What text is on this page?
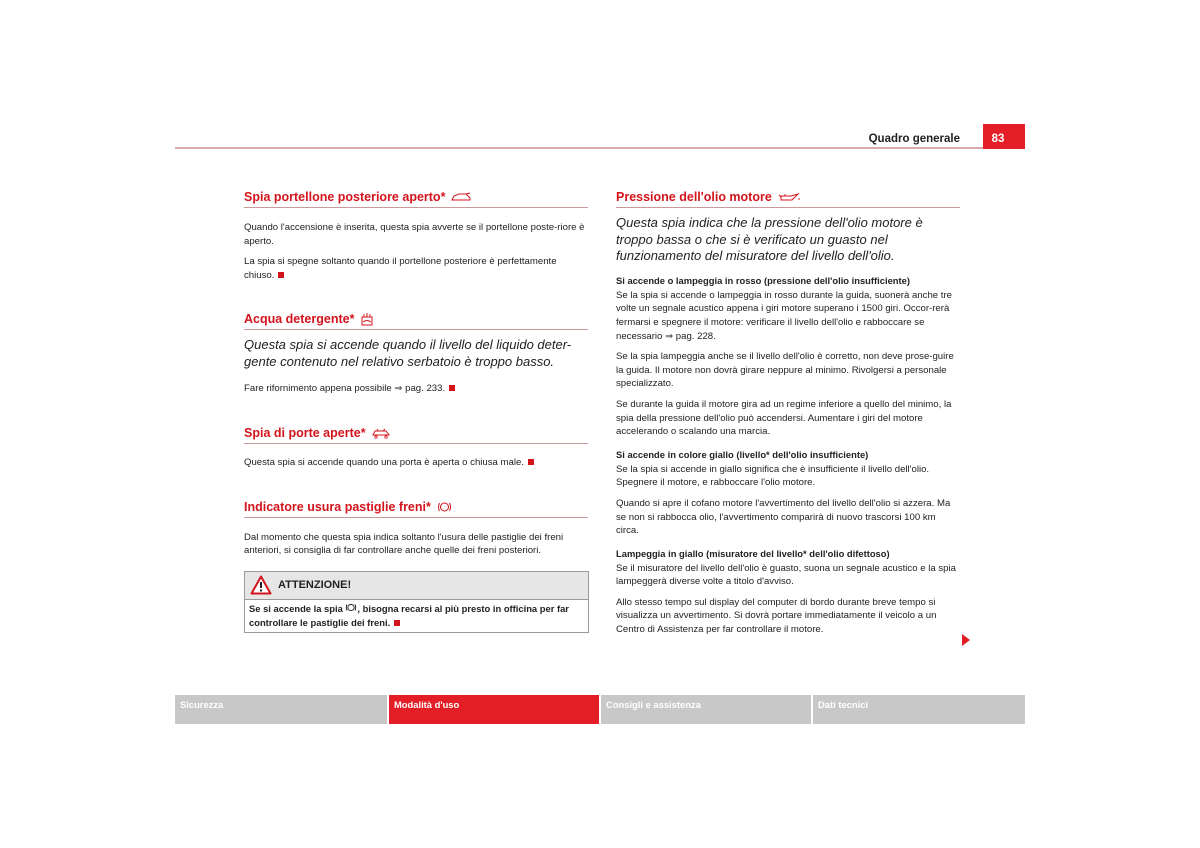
Quadro generale	83
Spia portellone posteriore aperto*

Quando l'accensione è inserita, questa spia avverte se il portellone poste-riore è aperto.

La spia si spegne soltanto quando il portellone posteriore è perfettamente chiuso.

Acqua detergente*

Questa spia si accende quando il livello del liquido deter-gente contenuto nel relativo serbatoio è troppo basso.

Fare rifornimento appena possibile ⇒ pag. 233.

Spia di porte aperte*

Questa spia si accende quando una porta è aperta o chiusa male.

Indicatore usura pastiglie freni*

Dal momento che questa spia indica soltanto l'usura delle pastiglie dei freni anteriori, si consiglia di far controllare anche quelle dei freni posteriori.

ATTENZIONE!
Se si accende la spia , bisogna recarsi al più presto in officina per far controllare le pastiglie dei freni.
Pressione dell'olio motore

Questa spia indica che la pressione dell'olio motore è troppo bassa o che si è verificato un guasto nel funzionamento del misuratore del livello dell'olio.

Si accende o lampeggia in rosso (pressione dell'olio insufficiente)

Se la spia si accende o lampeggia in rosso durante la guida, suonerà anche tre volte un segnale acustico appena i giri motore superano i 1500 giri. Occor-rerà fermarsi e spegnere il motore: verificare il livello dell'olio e rabboccare se necessario ⇒ pag. 228.

Se la spia lampeggia anche se il livello dell'olio è corretto, non deve prose-guire la guida. Il motore non dovrà girare neppure al minimo. Rivolgersi a personale specializzato.

Se durante la guida il motore gira ad un regime inferiore a quello del minimo, la spia della pressione dell'olio può accendersi. Aumentare i giri del motore accelerando o scalando una marcia.

Si accende in colore giallo (livello* dell'olio insufficiente)

Se la spia si accende in giallo significa che è insufficiente il livello dell'olio. Spegnere il motore, e rabboccare l'olio motore.

Quando si apre il cofano motore l'avvertimento del livello dell'olio si azzera. Ma se non si rabbocca olio, l'avvertimento comparirà di nuovo trascorsi 100 km circa.

Lampeggia in giallo (misuratore del livello* dell'olio difettoso)

Se il misuratore del livello dell'olio è guasto, suona un segnale acustico e la spia lampeggerà diverse volte a titolo d'avviso.

Allo stesso tempo sul display del computer di bordo durante breve tempo si visualizza un avvertimento. Si dovrà portare immediatamente il veicolo a un Centro di Assistenza per far controllare il motore.

Sicurezza	Modalità d'uso	Consigli e assistenza	Dati tecnici
